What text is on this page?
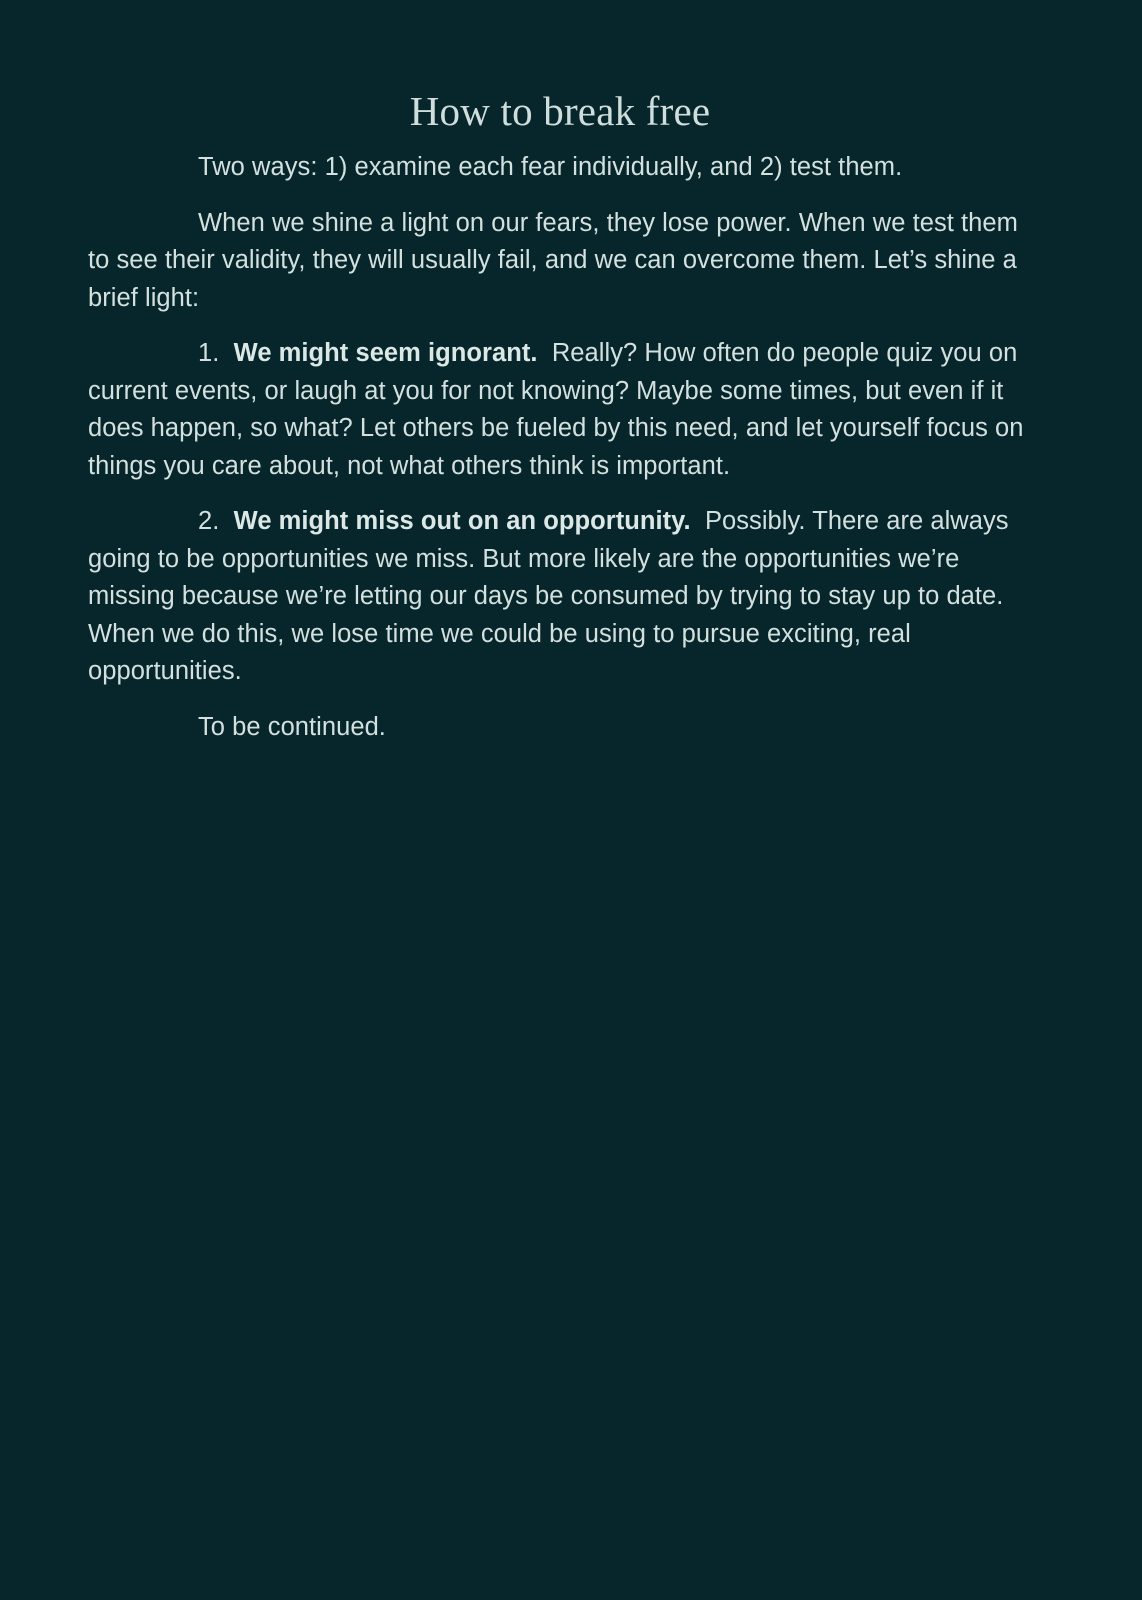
How to break free

Two ways: 1) examine each fear individually, and 2) test them.

When we shine a light on our fears, they lose power. When we test them to see their validity, they will usually fail, and we can overcome them. Let’s shine a brief light:

1. We might seem ignorant. Really? How often do people quiz you on current events, or laugh at you for not knowing? Maybe some times, but even if it does happen, so what? Let others be fueled by this need, and let yourself focus on things you care about, not what others think is important.

2. We might miss out on an opportunity. Possibly. There are always going to be opportunities we miss. But more likely are the opportunities we’re missing because we’re letting our days be consumed by trying to stay up to date. When we do this, we lose time we could be using to pursue exciting, real opportunities.

To be continued.
